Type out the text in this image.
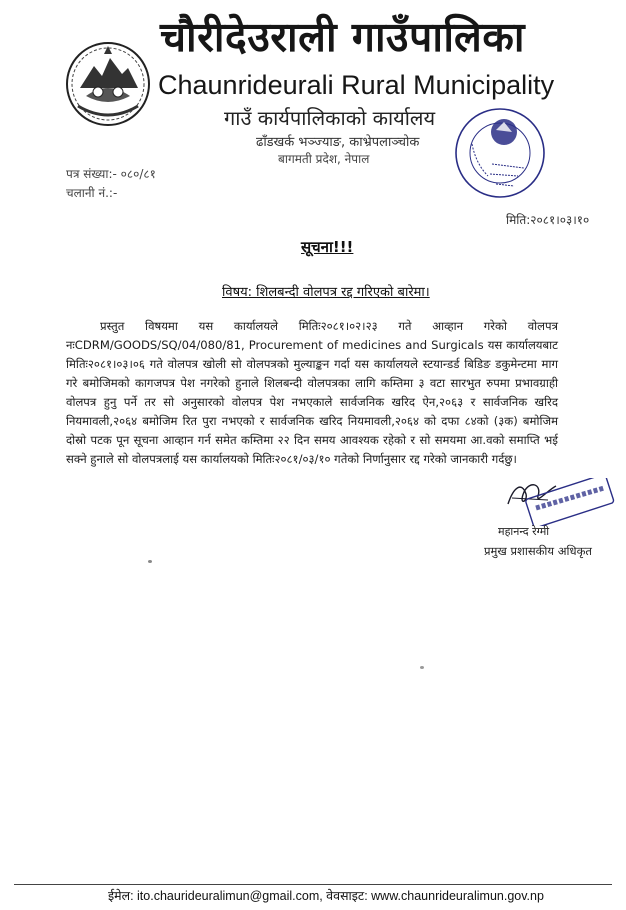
चौरीदेउराली गाउँपालिका
Chaunrideurali Rural Municipality
गाउँ कार्यपालिकाको कार्यालय
ढाँडखर्क भञ्ज्याङ, काभ्रेपलाञ्चोक
बागमती प्रदेश, नेपाल
पत्र संख्या:- ०८०/८१
चलानी नं.:-
मिति:२०८१।०३।१०
सूचना!!!
विषय: शिलबन्दी वोलपत्र रद्द गरिएको बारेमा।
प्रस्तुत विषयमा यस कार्यालयले मितिः२०८१।०२।२३ गते आव्हान गरेको वोलपत्र नःCDRM/GOODS/SQ/04/080/81, Procurement of medicines and Surgicals यस कार्यालयबाट मितिः२०८१।०३।०६ गते वोलपत्र खोली सो वोलपत्रको मुल्याङ्कन गर्दा यस कार्यालयले स्टयान्डर्ड बिडिङ डकुमेन्टमा माग गरे बमोजिमको कागजपत्र पेश नगरेको हुनाले शिलबन्दी वोलपत्रका लागि कम्तिमा ३ वटा सारभुत रुपमा प्रभावग्राही वोलपत्र हुनु पर्ने तर सो अनुसारको वोलपत्र पेश नभएकाले सार्वजनिक खरिद ऐन,२०६३ र सार्वजनिक खरिद नियमावली,२०६४ बमोजिम रित पुरा नभएको र सार्वजनिक खरिद नियमावली,२०६४ को दफा ८४को (३क) बमोजिम दोस्रो पटक पून सूचना आव्हान गर्न समेत कम्तिमा २२ दिन समय आवश्यक रहेको र सो समयमा आ.वको समाप्ति भई सक्ने हुनाले सो वोलपत्रलाई यस कार्यालयको मितिः२०८१/०३/१० गतेको निर्णानुसार रद्द गरेको जानकारी गर्दछु।
महानन्द रेग्मी
प्रमुख प्रशासकीय अधिकृत
ईमेल: ito.chaurideuralimun@gmail.com, वेवसाइट: www.chaunrideuralimun.gov.np
